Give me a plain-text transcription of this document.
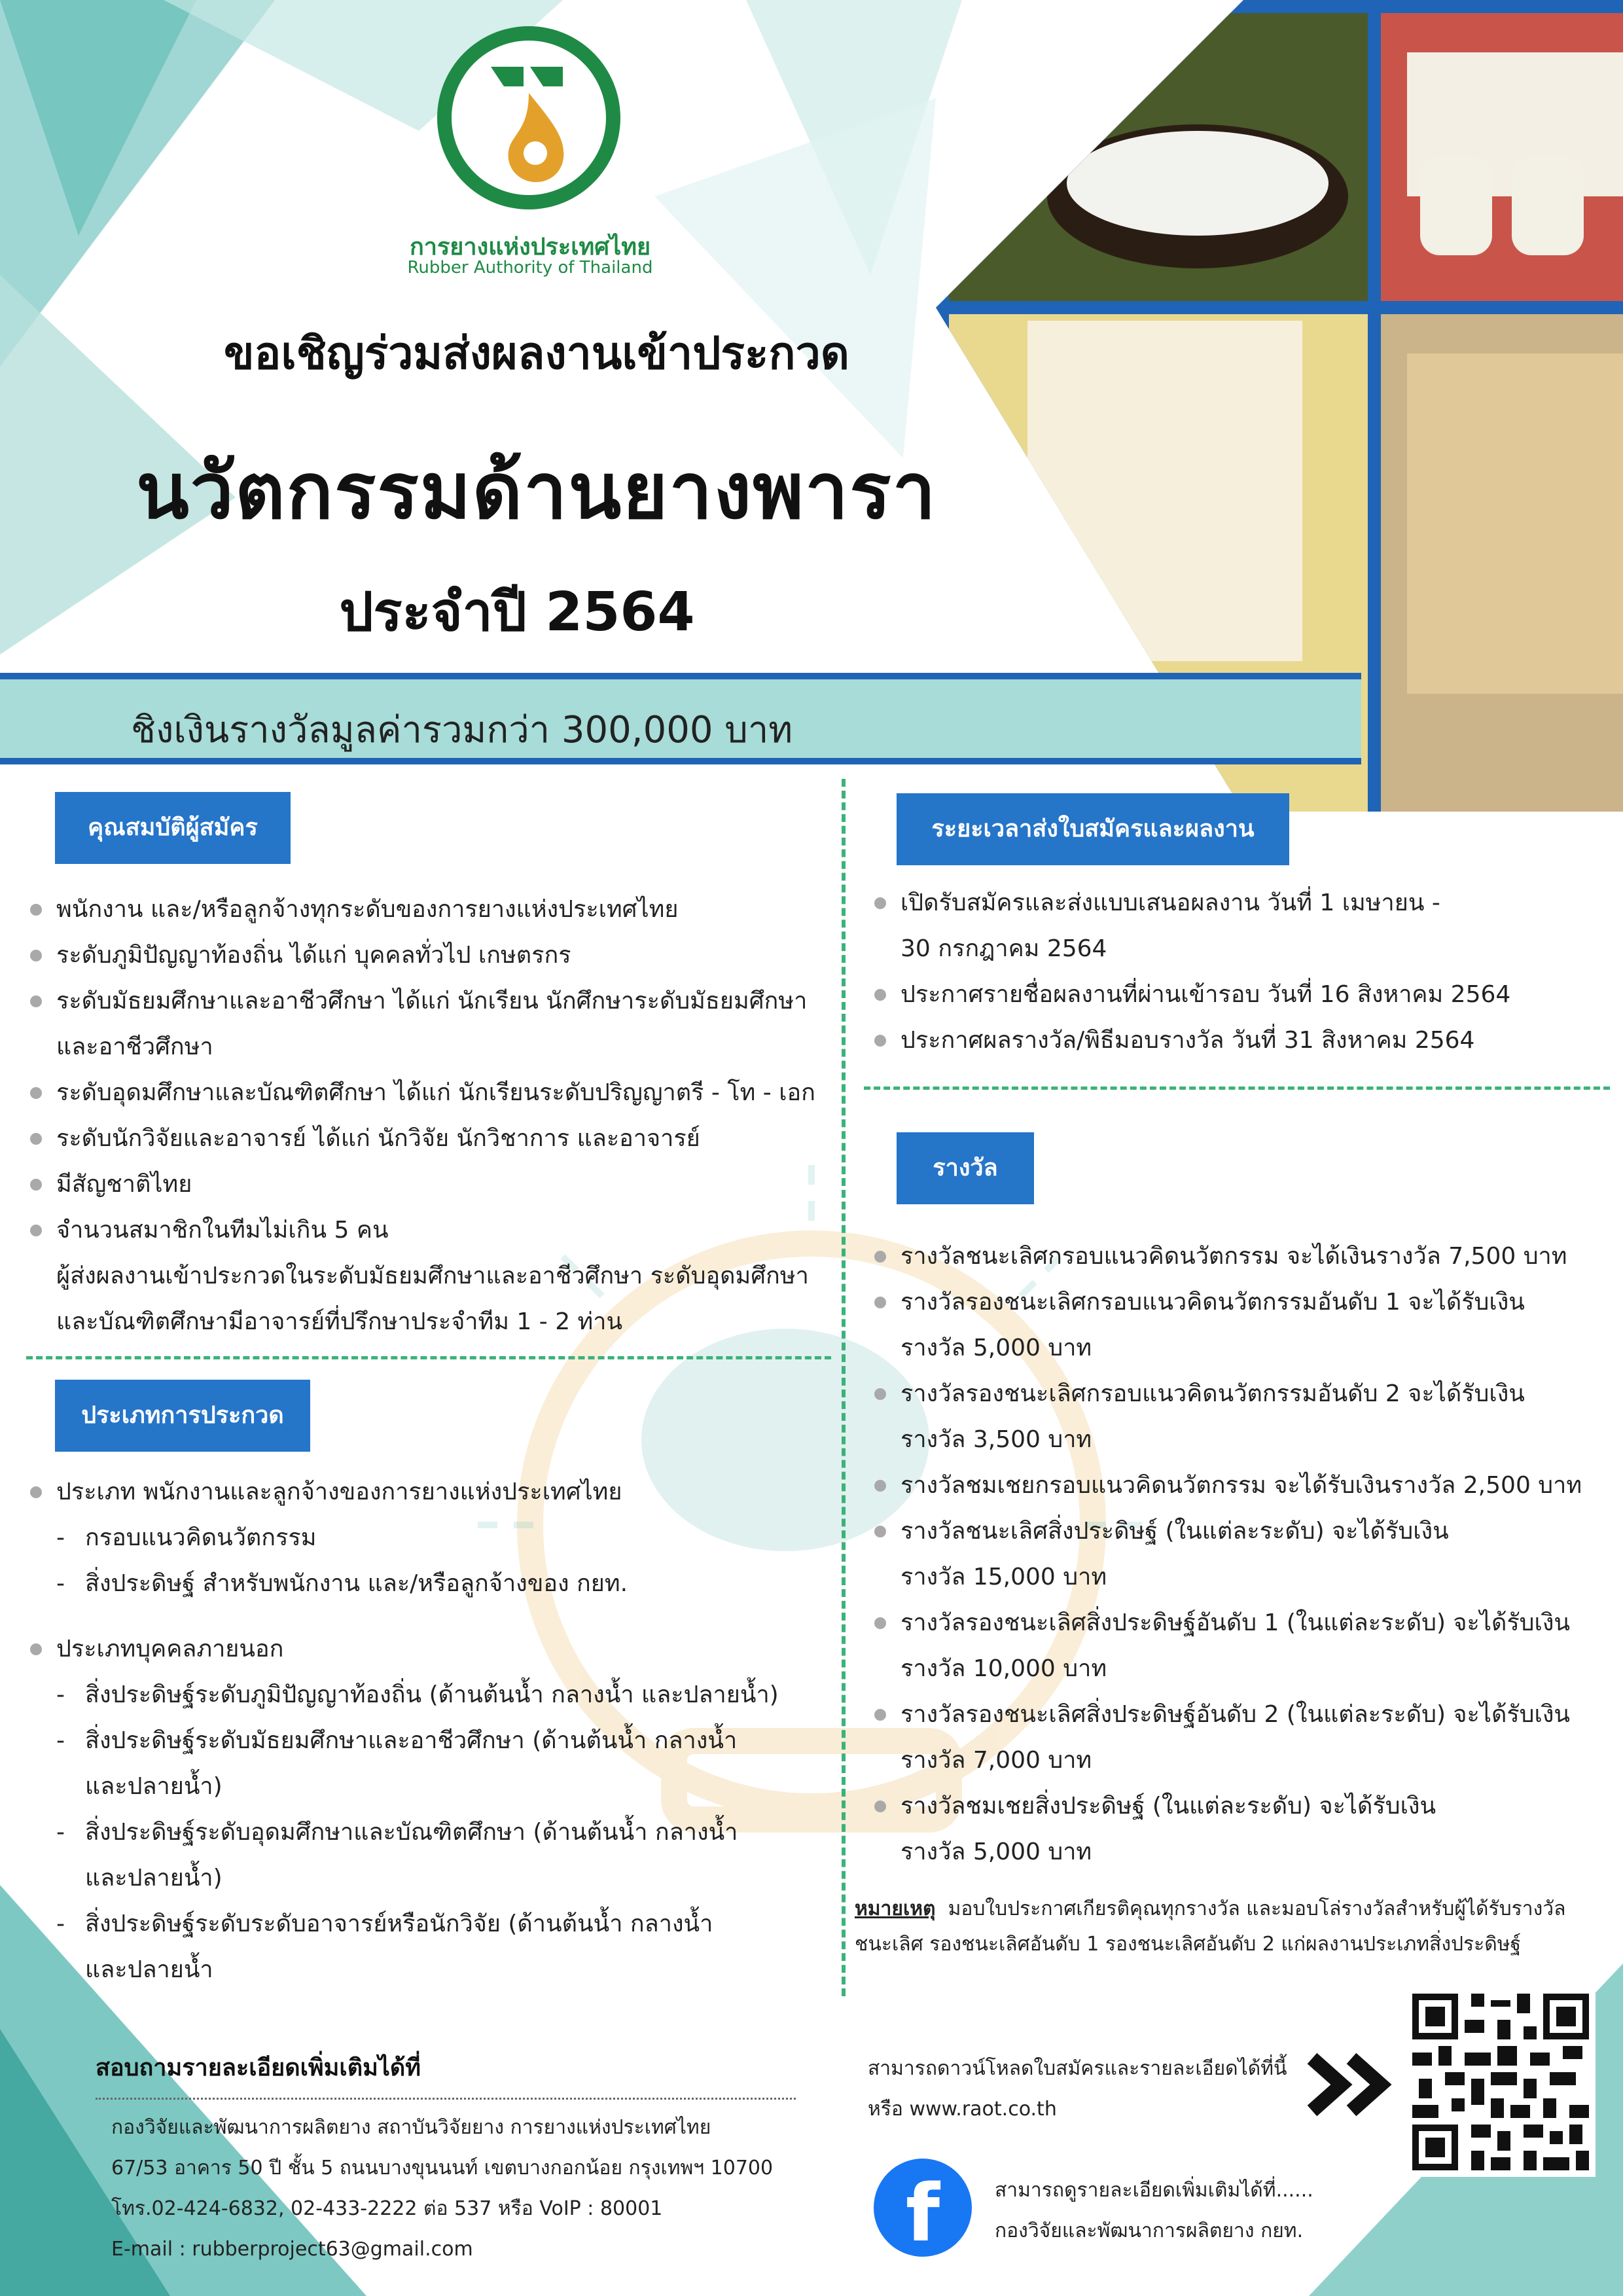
การยางแห่งประเทศไทย
Rubber Authority of Thailand
ขอเชิญร่วมส่งผลงานเข้าประกวด
นวัตกรรมด้านยางพารา
ประจำปี 2564
ชิงเงินรางวัลมูลค่ารวมกว่า 300,000 บาท
คุณสมบัติผู้สมัคร
พนักงาน และ/หรือลูกจ้างทุกระดับของการยางแห่งประเทศไทย
ระดับภูมิปัญญาท้องถิ่น ได้แก่ บุคคลทั่วไป เกษตรกร
ระดับมัธยมศึกษาและอาชีวศึกษา ได้แก่ นักเรียน นักศึกษาระดับมัธยมศึกษา
และอาชีวศึกษา
ระดับอุดมศึกษาและบัณฑิตศึกษา ได้แก่ นักเรียนระดับปริญญาตรี - โท - เอก
ระดับนักวิจัยและอาจารย์ ได้แก่ นักวิจัย นักวิชาการ และอาจารย์
มีสัญชาติไทย
จำนวนสมาชิกในทีมไม่เกิน 5 คน
ผู้ส่งผลงานเข้าประกวดในระดับมัธยมศึกษาและอาชีวศึกษา ระดับอุดมศึกษา
และบัณฑิตศึกษามีอาจารย์ที่ปรึกษาประจำทีม 1 - 2 ท่าน
ประเภทการประกวด
ประเภท พนักงานและลูกจ้างของการยางแห่งประเทศไทย
- กรอบแนวคิดนวัตกรรม
- สิ่งประดิษฐ์ สำหรับพนักงาน และ/หรือลูกจ้างของ กยท.
ประเภทบุคคลภายนอก
- สิ่งประดิษฐ์ระดับภูมิปัญญาท้องถิ่น (ด้านต้นน้ำ กลางน้ำ และปลายน้ำ)
- สิ่งประดิษฐ์ระดับมัธยมศึกษาและอาชีวศึกษา (ด้านต้นน้ำ กลางน้ำ
และปลายน้ำ)
- สิ่งประดิษฐ์ระดับอุดมศึกษาและบัณฑิตศึกษา (ด้านต้นน้ำ กลางน้ำ
และปลายน้ำ)
- สิ่งประดิษฐ์ระดับระดับอาจารย์หรือนักวิจัย (ด้านต้นน้ำ กลางน้ำ
และปลายน้ำ
ระยะเวลาส่งใบสมัครและผลงาน
เปิดรับสมัครและส่งแบบเสนอผลงาน วันที่ 1 เมษายน -
30 กรกฎาคม 2564
ประกาศรายชื่อผลงานที่ผ่านเข้ารอบ วันที่ 16 สิงหาคม 2564
ประกาศผลรางวัล/พิธีมอบรางวัล วันที่ 31 สิงหาคม 2564
รางวัล
รางวัลชนะเลิศกรอบแนวคิดนวัตกรรม จะได้เงินรางวัล 7,500 บาท
รางวัลรองชนะเลิศกรอบแนวคิดนวัตกรรมอันดับ 1 จะได้รับเงิน
รางวัล 5,000 บาท
รางวัลรองชนะเลิศกรอบแนวคิดนวัตกรรมอันดับ 2 จะได้รับเงิน
รางวัล 3,500 บาท
รางวัลชมเชยกรอบแนวคิดนวัตกรรม จะได้รับเงินรางวัล 2,500 บาท
รางวัลชนะเลิศสิ่งประดิษฐ์ (ในแต่ละระดับ) จะได้รับเงิน
รางวัล 15,000 บาท
รางวัลรองชนะเลิศสิ่งประดิษฐ์อันดับ 1 (ในแต่ละระดับ) จะได้รับเงิน
รางวัล 10,000 บาท
รางวัลรองชนะเลิศสิ่งประดิษฐ์อันดับ 2 (ในแต่ละระดับ) จะได้รับเงิน
รางวัล 7,000 บาท
รางวัลชมเชยสิ่งประดิษฐ์ (ในแต่ละระดับ) จะได้รับเงิน
รางวัล 5,000 บาท
หมายเหตุ มอบใบประกาศเกียรติคุณทุกรางวัล และมอบโล่รางวัลสำหรับผู้ได้รับรางวัล
ชนะเลิศ รองชนะเลิศอันดับ 1 รองชนะเลิศอันดับ 2 แก่ผลงานประเภทสิ่งประดิษฐ์
สอบถามรายละเอียดเพิ่มเติมได้ที่
กองวิจัยและพัฒนาการผลิตยาง สถาบันวิจัยยาง การยางแห่งประเทศไทย
67/53 อาคาร 50 ปี ชั้น 5 ถนนบางขุนนนท์ เขตบางกอกน้อย กรุงเทพฯ 10700
โทร.02-424-6832, 02-433-2222 ต่อ 537 หรือ VoIP : 80001
E-mail : rubberproject63@gmail.com
สามารถดาวน์โหลดใบสมัครและรายละเอียดได้ที่นี้
หรือ www.raot.co.th
f	สามารถดูรายละเอียดเพิ่มเติมได้ที่......
กองวิจัยและพัฒนาการผลิตยาง กยท.
